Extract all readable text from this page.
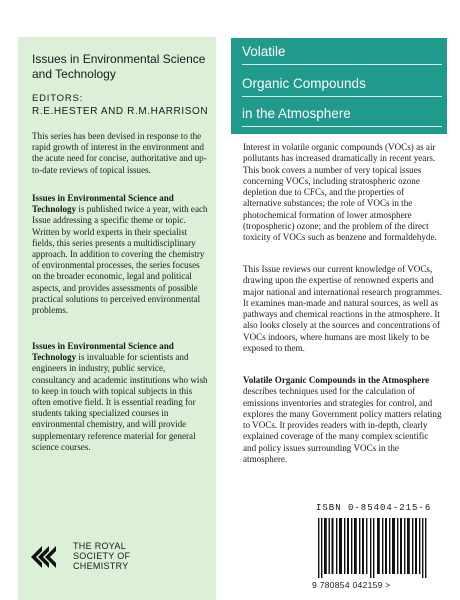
Issues in Environmental Science and Technology
EDITORS:
R.E.HESTER AND R.M.HARRISON

This series has been devised in response to the rapid growth of interest in the environment and the acute need for concise, authoritative and up-to-date reviews of topical issues.

Issues in Environmental Science and Technology is published twice a year, with each Issue addressing a specific theme or topic. Written by world experts in their specialist fields, this series presents a multidisciplinary approach. In addition to covering the chemistry of environmental processes, the series focuses on the broader economic, legal and political aspects, and provides assessments of possible practical solutions to perceived environmental problems.

Issues in Environmental Science and Technology is invaluable for scientists and engineers in industry, public service, consultancy and academic institutions who wish to keep in touch with topical subjects in this often emotive field. It is essential reading for students taking specialized courses in environmental chemistry, and will provide supplementary reference material for general science courses.

THE ROYAL
SOCIETY OF
CHEMISTRY
Volatile
Organic Compounds
in the Atmosphere

Interest in volatile organic compounds (VOCs) as air pollutants has increased dramatically in recent years. This book covers a number of very topical issues concerning VOCs, including stratospheric ozone depletion due to CFCs, and the properties of alternative substances; the role of VOCs in the photochemical formation of lower atmosphere (tropospheric) ozone; and the problem of the direct toxicity of VOCs such as benzene and formaldehyde.

This Issue reviews our current knowledge of VOCs, drawing upon the expertise of renowned experts and major national and international research programmes. It examines man-made and natural sources, as well as pathways and chemical reactions in the atmosphere. It also looks closely at the sources and concentrations of VOCs indoors, where humans are most likely to be exposed to them.

Volatile Organic Compounds in the Atmosphere describes techniques used for the calculation of emissions inventories and strategies for control, and explores the many Government policy matters relating to VOCs. It provides readers with in-depth, clearly explained coverage of the many complex scientific and policy issues surrounding VOCs in the atmosphere.

ISBN 0-85404-215-6
9 780854 042159 >
